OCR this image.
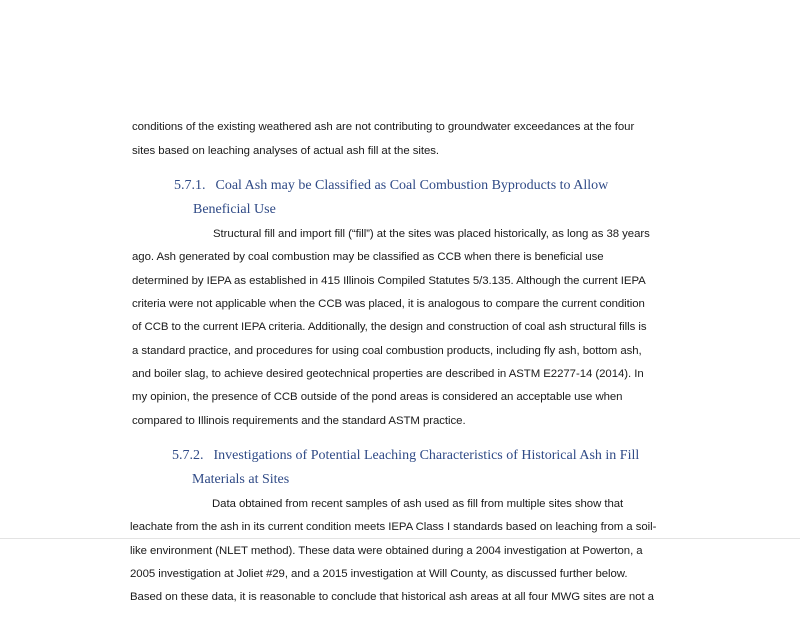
conditions of the existing weathered ash are not contributing to groundwater exceedances at the four
sites based on leaching analyses of actual ash fill at the sites.
5.7.1. Coal Ash may be Classified as Coal Combustion Byproducts to Allow
Beneficial Use
Structural fill and import fill (“fill”) at the sites was placed historically, as long as 38 years
ago. Ash generated by coal combustion may be classified as CCB when there is beneficial use
determined by IEPA as established in 415 Illinois Compiled Statutes 5/3.135. Although the current IEPA
criteria were not applicable when the CCB was placed, it is analogous to compare the current condition
of CCB to the current IEPA criteria. Additionally, the design and construction of coal ash structural fills is
a standard practice, and procedures for using coal combustion products, including fly ash, bottom ash,
and boiler slag, to achieve desired geotechnical properties are described in ASTM E2277-14 (2014). In
my opinion, the presence of CCB outside of the pond areas is considered an acceptable use when
compared to Illinois requirements and the standard ASTM practice.
5.7.2. Investigations of Potential Leaching Characteristics of Historical Ash in Fill
Materials at Sites
Data obtained from recent samples of ash used as fill from multiple sites show that
leachate from the ash in its current condition meets IEPA Class I standards based on leaching from a soil-
like environment (NLET method). These data were obtained during a 2004 investigation at Powerton, a
2005 investigation at Joliet #29, and a 2015 investigation at Will County, as discussed further below.
Based on these data, it is reasonable to conclude that historical ash areas at all four MWG sites are not a
